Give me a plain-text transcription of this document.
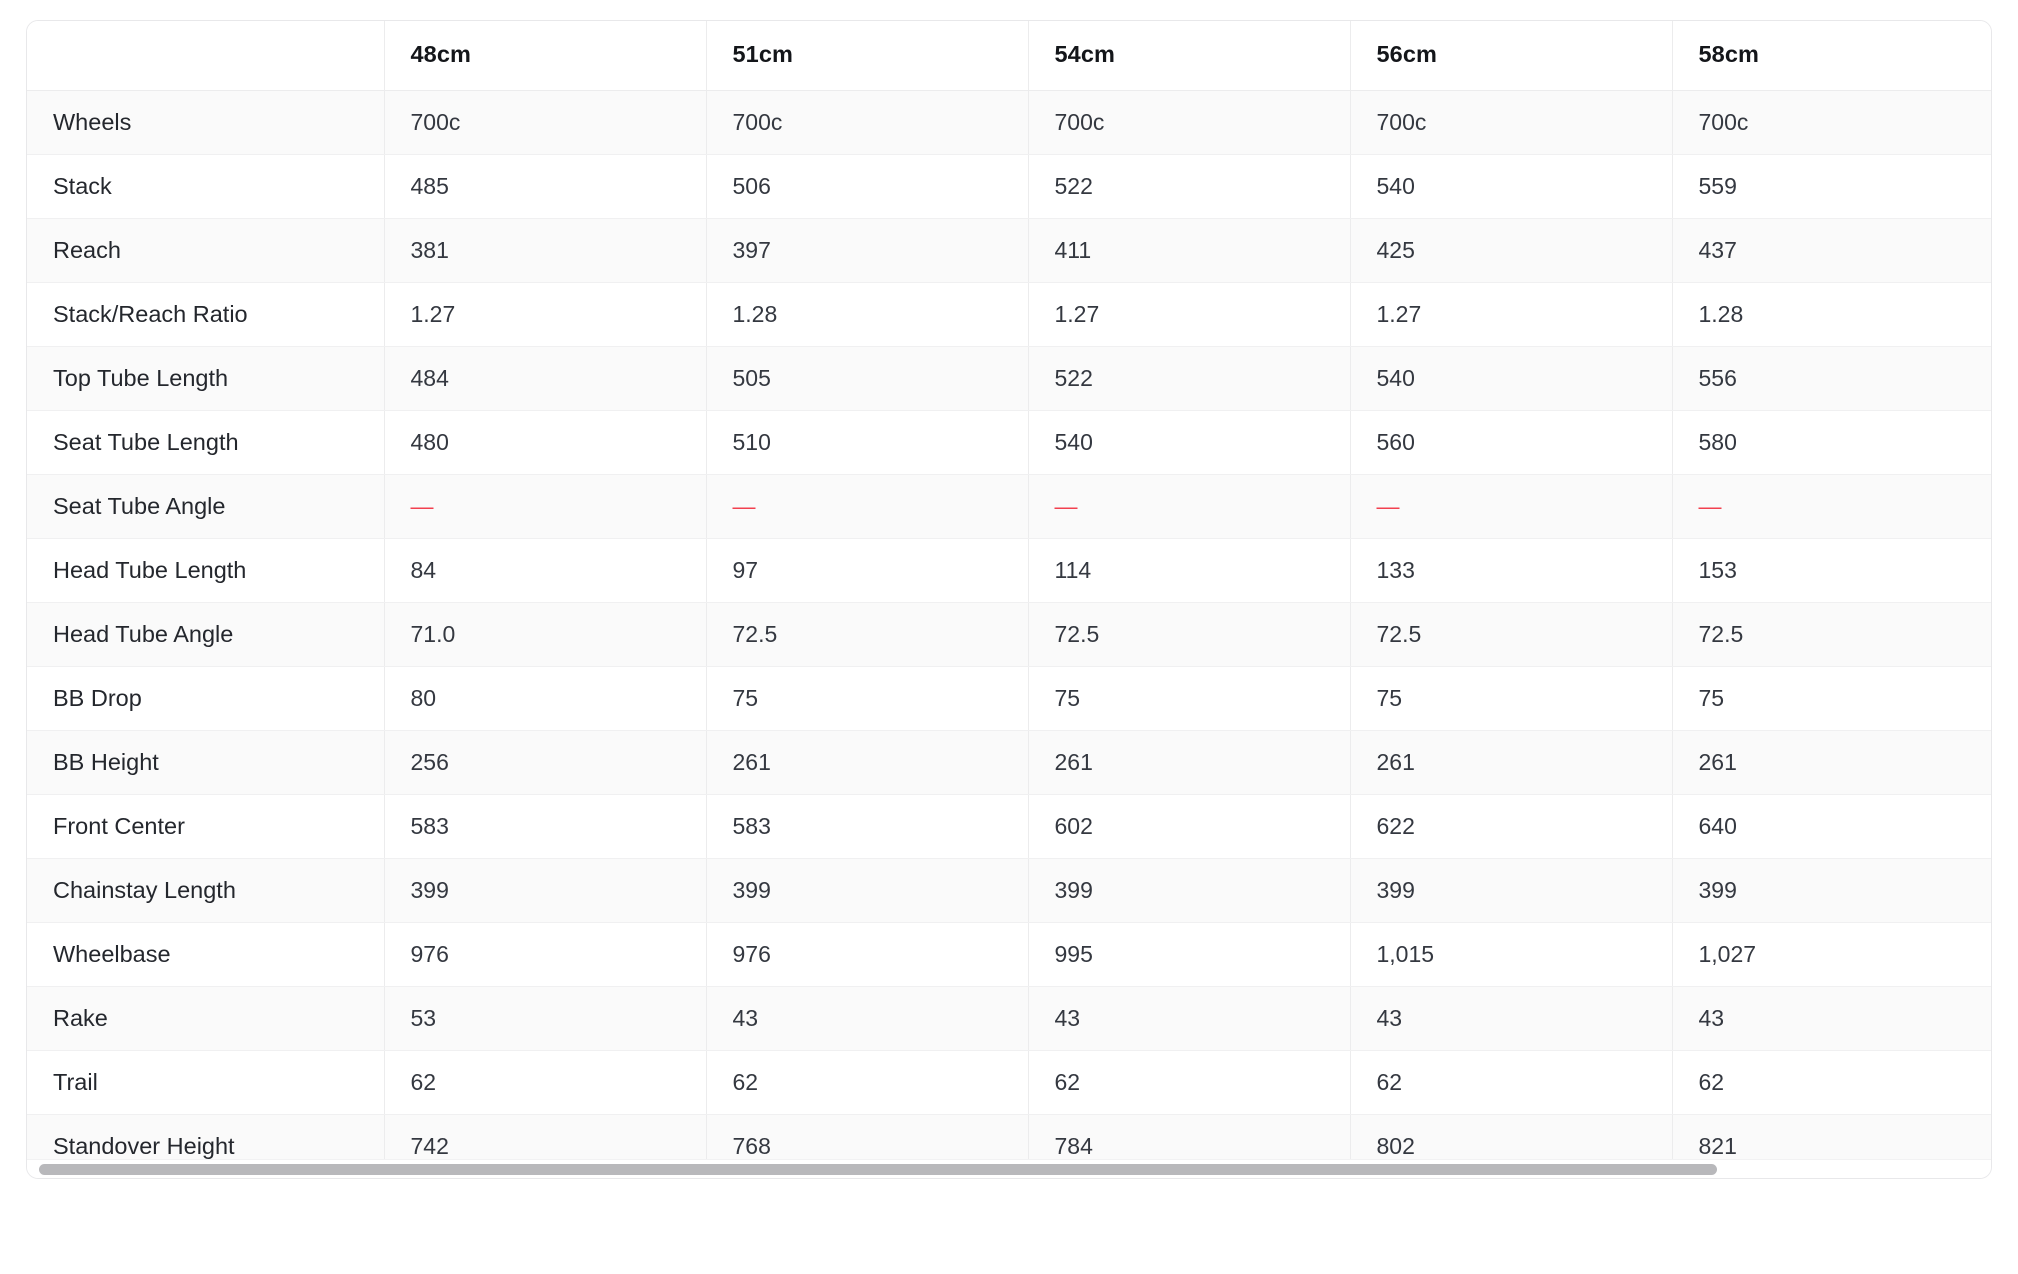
	48cm	51cm	54cm	56cm	58cm
Wheels	700c	700c	700c	700c	700c
Stack	485	506	522	540	559
Reach	381	397	411	425	437
Stack/Reach Ratio	1.27	1.28	1.27	1.27	1.28
Top Tube Length	484	505	522	540	556
Seat Tube Length	480	510	540	560	580
Seat Tube Angle	—	—	—	—	—
Head Tube Length	84	97	114	133	153
Head Tube Angle	71.0	72.5	72.5	72.5	72.5
BB Drop	80	75	75	75	75
BB Height	256	261	261	261	261
Front Center	583	583	602	622	640
Chainstay Length	399	399	399	399	399
Wheelbase	976	976	995	1,015	1,027
Rake	53	43	43	43	43
Trail	62	62	62	62	62
Standover Height	742	768	784	802	821
